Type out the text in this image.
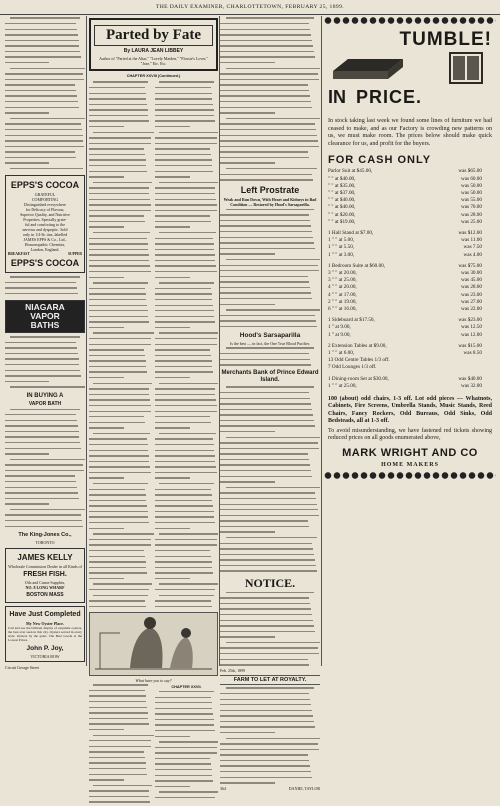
THE DAILY EXAMINER, CHARLOTTETOWN, FEBRUARY 25, 1899.
EPPS'S COCOA
GRATEFUL
COMFORTING
Distinguished everywhere
for Delicacy of Flavour,
Superior Quality, and Nutritive
Properties. Specially grate-
ful and comforting to the
nervous and dyspeptic. Sold
only in 1/4-lb. tins, labelled
JAMES EPPS & Co., Ltd.,
Homoeopathic Chemists,
London, England.
BREAKFAST	SUPPER
EPPS'S COCOA
NIAGARA
VAPOR
BATHS
IN BUYING A
VAPOR BATH
The King-Jones Co.,
TORONTO
JAMES KELLY
Wholesale Commission Dealer in all Kinds of
FRESH FISH.
Oils and Canoe Supplies,
NO. 8 LONG WHARF
BOSTON MASS
Have Just Completed
My New Oyster Place.

Call and see the brilliant display of exquisite oysters, the best ever seen in this city. Oysters served in every style. Oysters by the quart. The Best Goods at the Lowest Prices.

John P. Joy,
VICTORIA ROW
Circuit George Street
Parted by Fate
By LAURA JEAN LIBBEY
Author of "Parted at the Altar," "Lovely Maiden," "Flossie's Lover," "Jose," Etc. Etc.
CHAPTER XXVIII (Continued.)
What have you to say?
CHAPTER XXVII.
Left Prostrate
Weak and Run Down, With Heart and Kidneys in Bad Condition — Restored by Hood's Sarsaparilla.
Hood's Sarsaparilla
Is the best — in fact, the One True Blood Purifier.
Merchants Bank of Prince Edward Island.
NOTICE.
Feb. 25th, 1899
FARM TO LET AT ROYALTY.
364	DANIEL TAYLOR
TUMBLE!
IN PRICE.

In stock taking last week we found some lines of furniture we had ceased to make, and as our Factory is crowding new patterns on us, we must make room. The prices below should make quick clearance for us, and profit for the buyers.

FOR CASH ONLY
Parlor Suit at $45.00,	was $65.00
" " at $40.00,	was 60.00
" " at $35.00,	was 50.00
" " at $37.00,	was 50.00
" " at $40.00,	was 55.00
" " at $40.00,	was 70.00
" " at $20.00,	was 28.00
" " at $19.00,	was 25.00
1 Hall Stand at $7.00,	was $12.00
1 " " at 5.00,	was 11.00
1 " " at 5.50,	was 7.50
1 " " at 3.00,	was 4.00
1 Bedroom Suite at $60.00,	was $75.00
3 " " at 20.00,	was 30.00
3 " " at 25.00,	was 45.00
4 " " at 20.00,	was 28.00
4 " " at 17.00,	was 23.00
2 " " at 19.00,	was 27.00
6 " " at 16.00,	was 22.00
1 Sideboard at $17.50,	was $23.00
1 " at 9.00,	was 12.50
1 " at 9.00,	was 12.00
2 Extension Tables at $9.00,	was $15.00
1 " " at 6.00,	was 8.50
13 Odd Centre Tables 1/3 off.
7 Odd Lounges 1/3 off.
1 Dining-room Set at $30.00,	was $40.00
1 " " at 25.00,	was 32.00

100 (about) odd chairs, 1-3 off. Lot odd pieces — Whatnots, Cabinets, Fire Screens, Umbrella Stands, Music Stands, Reed Chairs, Fancy Rockers, Odd Bureaus, Odd Sinks, Odd Bedsteads, all at 1-3 off.

To avoid misunderstanding, we have fastened red tickets showing reduced prices on all goods enumerated above,

MARK WRIGHT AND CO
HOME MAKERS
